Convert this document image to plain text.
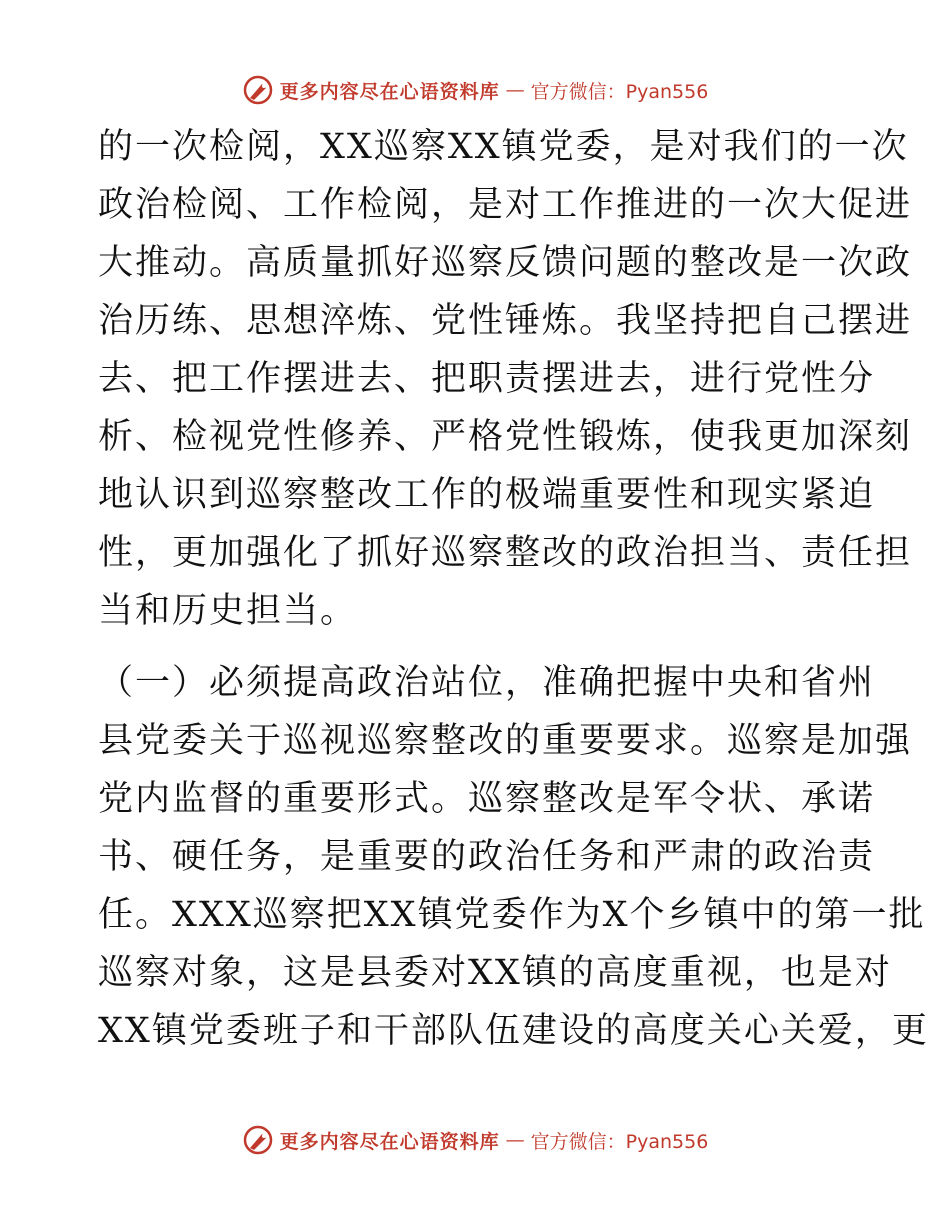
更多内容尽在心语资料库 — 官方微信：Pyan556
的一次检阅，XX巡察XX镇党委，是对我们的一次
政治检阅、工作检阅，是对工作推进的一次大促进
大推动。高质量抓好巡察反馈问题的整改是一次政
治历练、思想淬炼、党性锤炼。我坚持把自己摆进
去、把工作摆进去、把职责摆进去，进行党性分
析、检视党性修养、严格党性锻炼，使我更加深刻
地认识到巡察整改工作的极端重要性和现实紧迫
性，更加强化了抓好巡察整改的政治担当、责任担
当和历史担当。
（一）必须提高政治站位，准确把握中央和省州
县党委关于巡视巡察整改的重要要求。巡察是加强
党内监督的重要形式。巡察整改是军令状、承诺
书、硬任务，是重要的政治任务和严肃的政治责
任。XXX巡察把XX镇党委作为X个乡镇中的第一批
巡察对象，这是县委对XX镇的高度重视，也是对
XX镇党委班子和干部队伍建设的高度关心关爱，更
更多内容尽在心语资料库 — 官方微信：Pyan556
